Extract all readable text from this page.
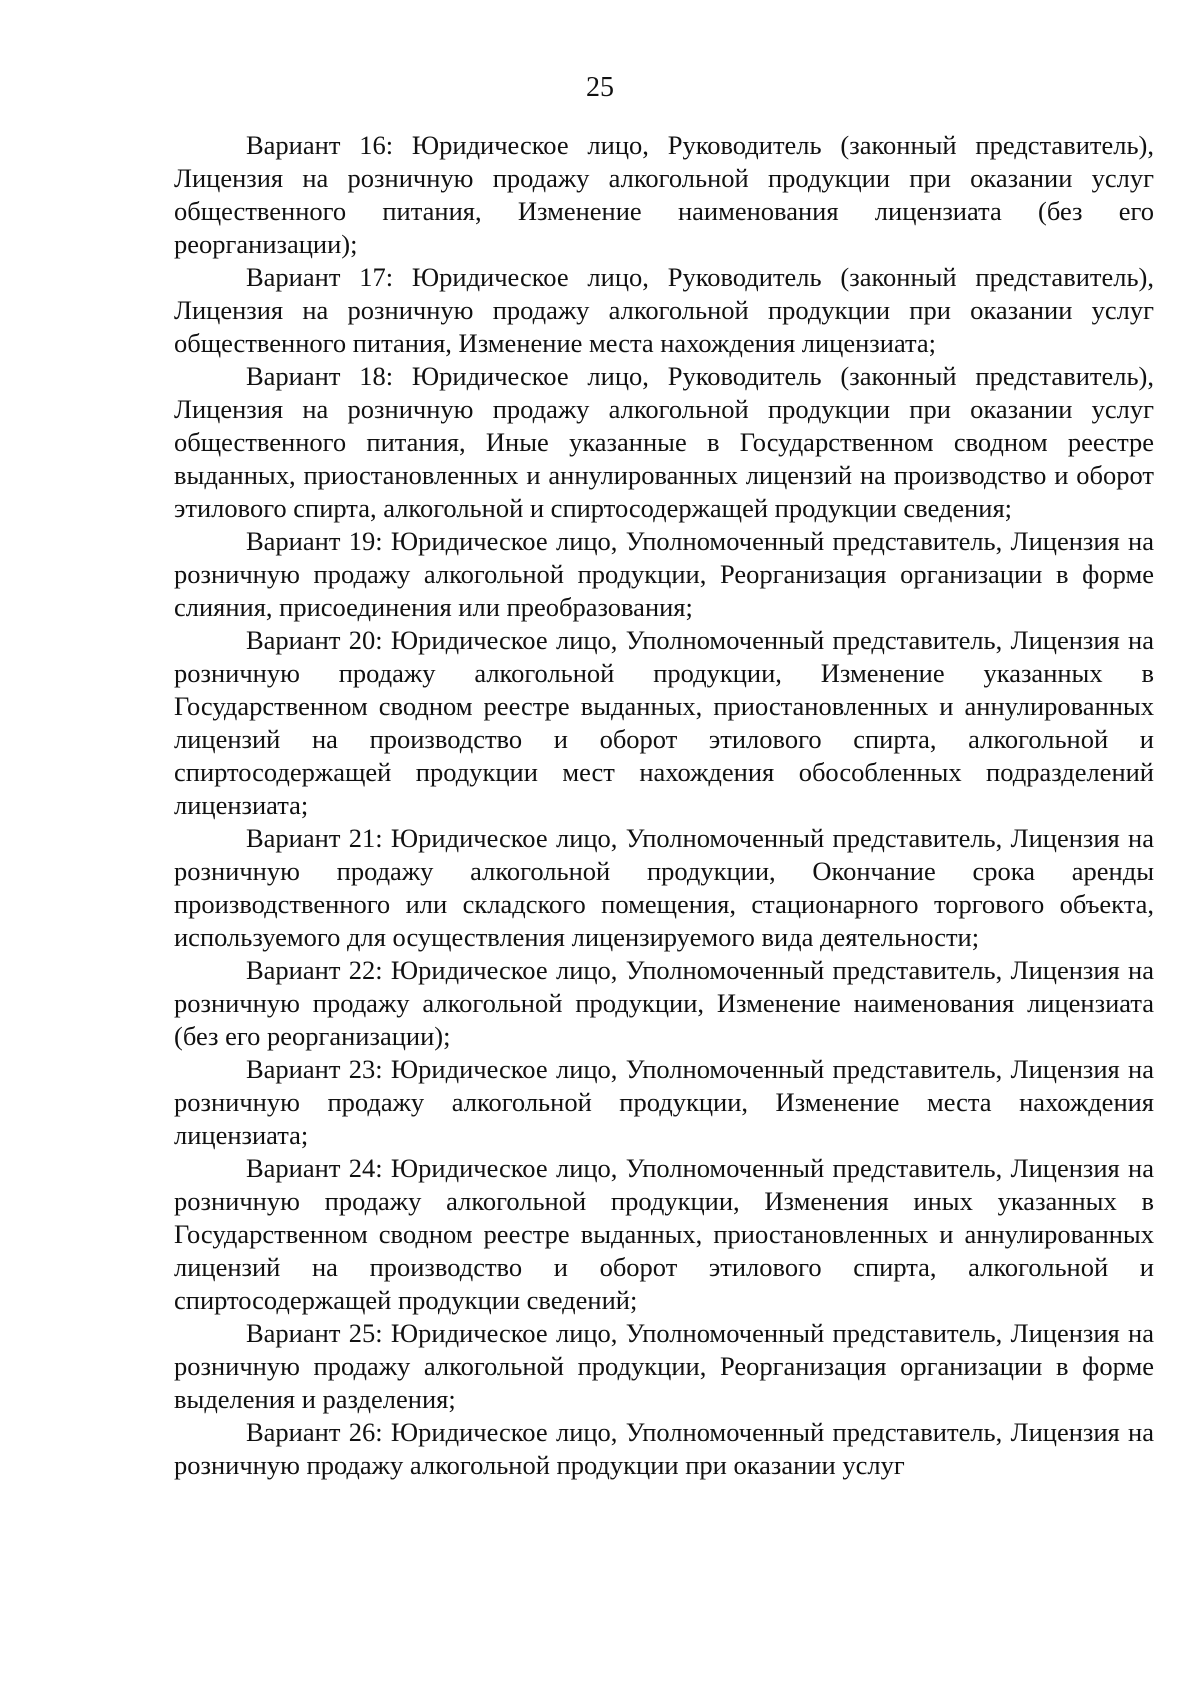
25

Вариант 16: Юридическое лицо, Руководитель (законный представитель), Лицензия на розничную продажу алкогольной продукции при оказании услуг общественного питания, Изменение наименования лицензиата (без его реорганизации);

Вариант 17: Юридическое лицо, Руководитель (законный представитель), Лицензия на розничную продажу алкогольной продукции при оказании услуг общественного питания, Изменение места нахождения лицензиата;

Вариант 18: Юридическое лицо, Руководитель (законный представитель), Лицензия на розничную продажу алкогольной продукции при оказании услуг общественного питания, Иные указанные в Государственном сводном реестре выданных, приостановленных и аннулированных лицензий на производство и оборот этилового спирта, алкогольной и спиртосодержащей продукции сведения;

Вариант 19: Юридическое лицо, Уполномоченный представитель, Лицензия на розничную продажу алкогольной продукции, Реорганизация организации в форме слияния, присоединения или преобразования;

Вариант 20: Юридическое лицо, Уполномоченный представитель, Лицензия на розничную продажу алкогольной продукции, Изменение указанных в Государственном сводном реестре выданных, приостановленных и аннулированных лицензий на производство и оборот этилового спирта, алкогольной и спиртосодержащей продукции мест нахождения обособленных подразделений лицензиата;

Вариант 21: Юридическое лицо, Уполномоченный представитель, Лицензия на розничную продажу алкогольной продукции, Окончание срока аренды производственного или складского помещения, стационарного торгового объекта, используемого для осуществления лицензируемого вида деятельности;

Вариант 22: Юридическое лицо, Уполномоченный представитель, Лицензия на розничную продажу алкогольной продукции, Изменение наименования лицензиата (без его реорганизации);

Вариант 23: Юридическое лицо, Уполномоченный представитель, Лицензия на розничную продажу алкогольной продукции, Изменение места нахождения лицензиата;

Вариант 24: Юридическое лицо, Уполномоченный представитель, Лицензия на розничную продажу алкогольной продукции, Изменения иных указанных в Государственном сводном реестре выданных, приостановленных и аннулированных лицензий на производство и оборот этилового спирта, алкогольной и спиртосодержащей продукции сведений;

Вариант 25: Юридическое лицо, Уполномоченный представитель, Лицензия на розничную продажу алкогольной продукции, Реорганизация организации в форме выделения и разделения;

Вариант 26: Юридическое лицо, Уполномоченный представитель, Лицензия на розничную продажу алкогольной продукции при оказании услуг
